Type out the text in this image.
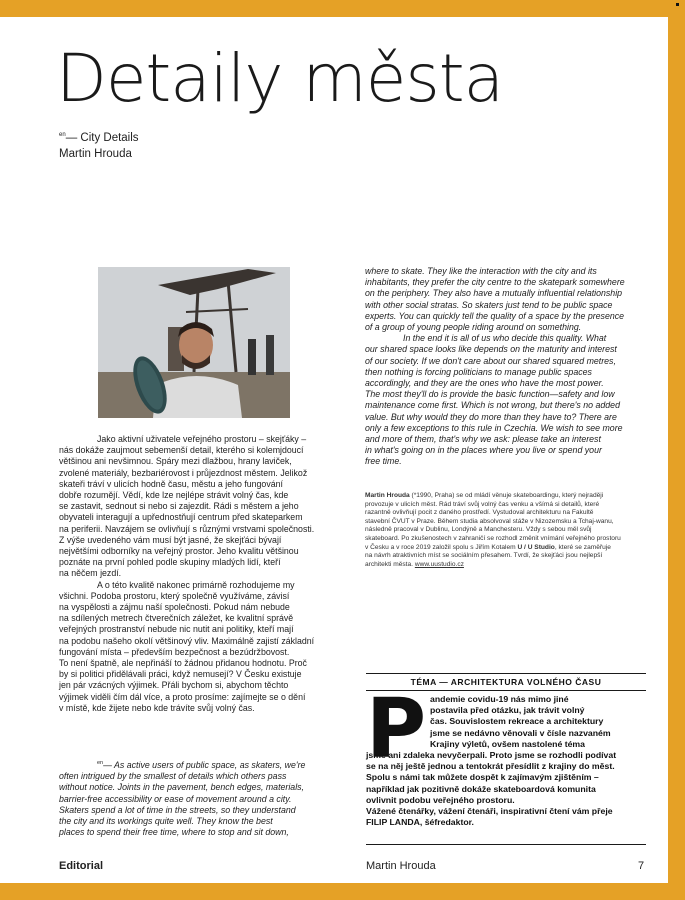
Detaily města
$^{en}$— City Details
Martin Hrouda

Jako aktivní uživatele veřejného prostoru – skejťáky –

nás dokáže zaujmout sebemenší detail, kterého si kolemjdoucí

většinou ani nevšimnou. Spáry mezi dlažbou, hrany laviček,

zvolené materiály, bezbariérovost i průjezdnost městem. Jelikož

skateři tráví v ulicích hodně času, městu a jeho fungování

dobře rozumějí. Vědí, kde lze nejlépe strávit volný čas, kde

se zastavit, sednout si nebo si zajezdit. Rádi s městem a jeho

obyvateli interagují a upřednostňují centrum před skateparkem

na periferii. Navzájem se ovlivňují s různými vrstvami společnosti.

Z výše uvedeného vám musí být jasné, že skejťáci bývají

největšími odborníky na veřejný prostor. Jeho kvalitu většinou

poznáte na první pohled podle skupiny mladých lidí, kteří

na něčem jezdí.

A o této kvalitě nakonec primárně rozhodujeme my

všichni. Podoba prostoru, který společně využíváme, závisí

na vyspělosti a zájmu naší společnosti. Pokud nám nebude

na sdílených metrech čtverečních záležet, ke kvalitní správě

veřejných prostranství nebude nic nutit ani politiky, kteří mají

na podobu našeho okolí většinový vliv. Maximálně zajistí základní

fungování místa – především bezpečnost a bezúdržbovost.

To není špatně, ale nepřináší to žádnou přidanou hodnotu. Proč

by si politici přidělávali práci, když nemusejí? V Česku existuje

jen pár vzácných výjimek. Přáli bychom si, abychom těchto

výjimek viděli čím dál více, a proto prosíme: zajímejte se o dění

v místě, kde žijete nebo kde trávíte svůj volný čas.

$^{en}$— As active users of public space, as skaters, we're

often intrigued by the smallest of details which others pass

without notice. Joints in the pavement, bench edges, materials,

barrier-free accessibility or ease of movement around a city.

Skaters spend a lot of time in the streets, so they understand

the city and its workings quite well. They know the best

places to spend their free time, where to stop and sit down,

where to skate. They like the interaction with the city and its

inhabitants, they prefer the city centre to the skatepark somewhere

on the periphery. They also have a mutually influential relationship

with other social stratas. So skaters just tend to be public space

experts. You can quickly tell the quality of a space by the presence

of a group of young people riding around on something.

In the end it is all of us who decide this quality. What

our shared space looks like depends on the maturity and interest

of our society. If we don't care about our shared squared metres,

then nothing is forcing politicians to manage public spaces

accordingly, and they are the ones who have the most power.

The most they'll do is provide the basic function—safety and low

maintenance come first. Which is not wrong, but there's no added

value. But why would they do more than they have to? There are

only a few exceptions to this rule in Czechia. We wish to see more

and more of them, that's why we ask: please take an interest

in what's going on in the places where you live or spend your

free time.

Martin Hrouda (*1990, Praha) se od mládí věnuje skateboardingu, který nejraději

provozuje v ulicích měst. Rád tráví svůj volný čas venku a všímá si detailů, které

razantně ovlivňují pocit z daného prostředí. Vystudoval architekturu na Fakultě

stavební ČVUT v Praze. Během studia absolvoval stáže v Nizozemsku a Tchaj-wanu,

následně pracoval v Dublinu, Londýně a Manchesteru. Vždy s sebou měl svůj

skateboard. Po zkušenostech v zahraničí se rozhodl změnit vnímání veřejného prostoru

v Česku a v roce 2019 založil spolu s Jiřím Kotalem U / U Studio, které se zaměřuje

na návrh atraktivních míst se sociálním přesahem. Tvrdí, že skejťáci jsou nejlepší

architekti města. www.uustudio.cz

TÉMA — ARCHITEKTURA VOLNÉHO ČASU
P andemie covidu-19 nás mimo jiné

postavila před otázku, jak trávit volný

čas. Souvislostem rekreace a architektury

jsme se nedávno věnovali v čísle nazvaném

Krajiny výletů, ovšem nastolené téma

jsme ani zdaleka nevyčerpali. Proto jsme se rozhodli podívat

se na něj ještě jednou a tentokrát přesídlit z krajiny do měst.

Spolu s námi tak můžete dospět k zajímavým zjištěním –

například jak pozitivně dokáže skateboardová komunita

ovlivnit podobu veřejného prostoru.

Vážené čtenářky, vážení čtenáři, inspirativní čtení vám přeje

FILIP LANDA, šéfredaktor.

Editorial	Martin Hrouda	7
